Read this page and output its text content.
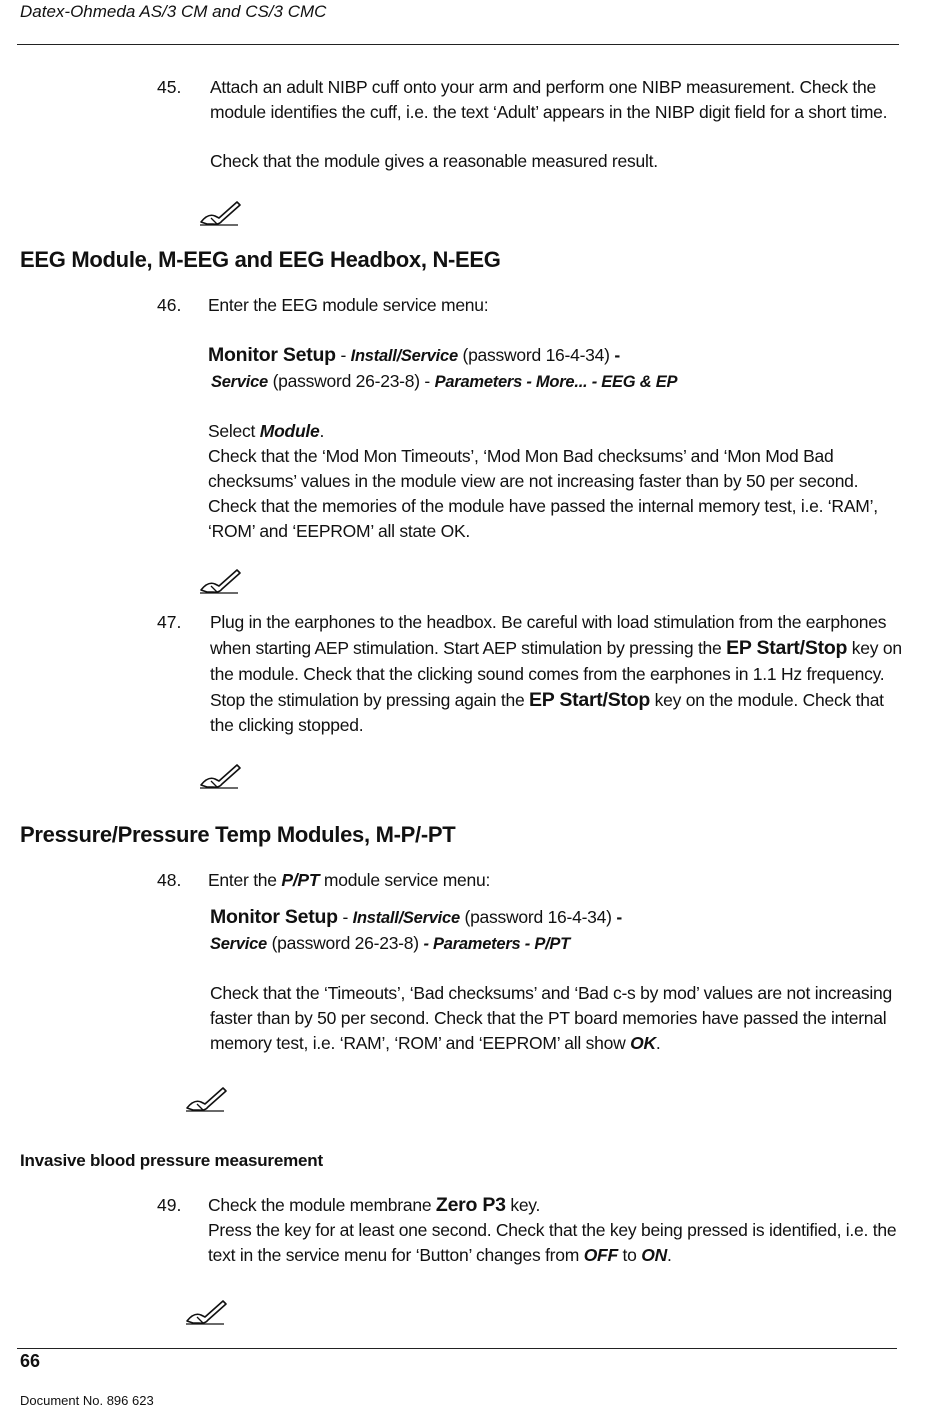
Datex-Ohmeda AS/3 CM and CS/3 CMC
45. Attach an adult NIBP cuff onto your arm and perform one NIBP measurement. Check the
module identifies the cuff, i.e. the text ‘Adult’ appears in the NIBP digit field for a short time.
Check that the module gives a reasonable measured result.
EEG Module, M-EEG and EEG Headbox, N-EEG
46. Enter the EEG module service menu:
Monitor Setup - Install/Service (password 16-4-34) -
Service (password 26-23-8) - Parameters - More... - EEG & EP
Select Module.
Check that the ‘Mod Mon Timeouts’, ‘Mod Mon Bad checksums’ and ‘Mon Mod Bad
checksums’ values in the module view are not increasing faster than by 50 per second.
Check that the memories of the module have passed the internal memory test, i.e. ‘RAM’,
‘ROM’ and ‘EEPROM’ all state OK.
47. Plug in the earphones to the headbox. Be careful with load stimulation from the earphones
when starting AEP stimulation. Start AEP stimulation by pressing the EP Start/Stop key on
the module. Check that the clicking sound comes from the earphones in 1.1 Hz frequency.
Stop the stimulation by pressing again the EP Start/Stop key on the module. Check that
the clicking stopped.
Pressure/Pressure Temp Modules, M-P/-PT
48. Enter the P/PT module service menu:
Monitor Setup - Install/Service (password 16-4-34) -
Service (password 26-23-8) - Parameters - P/PT
Check that the ‘Timeouts’, ‘Bad checksums’ and ‘Bad c-s by mod’ values are not increasing
faster than by 50 per second. Check that the PT board memories have passed the internal
memory test, i.e. ‘RAM’, ‘ROM’ and ‘EEPROM’ all show OK.
Invasive blood pressure measurement
49. Check the module membrane Zero P3 key.
Press the key for at least one second. Check that the key being pressed is identified, i.e. the
text in the service menu for ‘Button’ changes from OFF to ON.
66
Document No. 896 623
